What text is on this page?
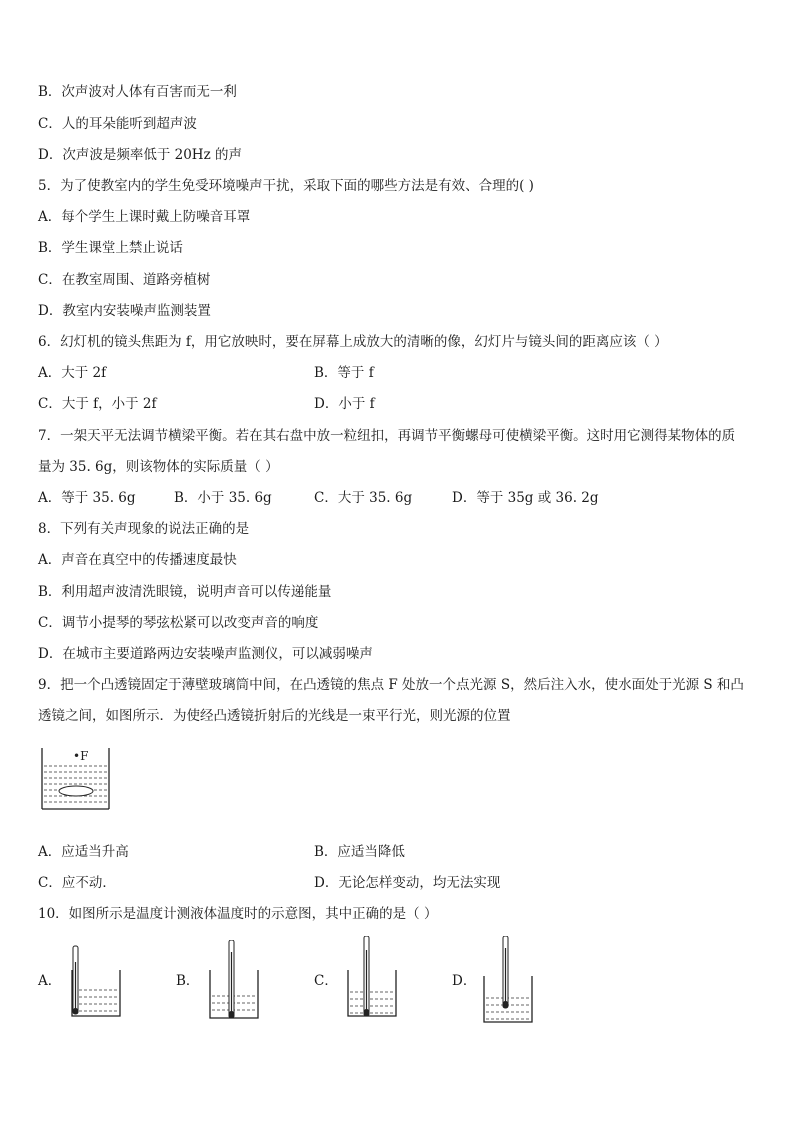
B．次声波对人体有百害而无一利
C．人的耳朵能听到超声波
D．次声波是频率低于 20Hz 的声
5．为了使教室内的学生免受环境噪声干扰，采取下面的哪些方法是有效、合理的( )
A．每个学生上课时戴上防噪音耳罩
B．学生课堂上禁止说话
C．在教室周围、道路旁植树
D．教室内安装噪声监测装置
6．幻灯机的镜头焦距为 f，用它放映时，要在屏幕上成放大的清晰的像，幻灯片与镜头间的距离应该（ ）
A．大于 2f	B．等于 f
C．大于 f，小于 2f	D．小于 f
7．一架天平无法调节横梁平衡。若在其右盘中放一粒纽扣，再调节平衡螺母可使横梁平衡。这时用它测得某物体的质
量为 35. 6g，则该物体的实际质量（ ）
A．等于 35. 6g	B．小于 35. 6g	C．大于 35. 6g	D．等于 35g 或 36. 2g
8．下列有关声现象的说法正确的是
A．声音在真空中的传播速度最快
B．利用超声波清洗眼镜，说明声音可以传递能量
C．调节小提琴的琴弦松紧可以改变声音的响度
D．在城市主要道路两边安装噪声监测仪，可以减弱噪声
9．把一个凸透镜固定于薄壁玻璃筒中间，在凸透镜的焦点 F 处放一个点光源 S，然后注入水，使水面处于光源 S 和凸
透镜之间，如图所示．为使经凸透镜折射后的光线是一束平行光，则光源的位置
•F
A．应适当升高	B．应适当降低
C．应不动．	D．无论怎样变动，均无法实现
10．如图所示是温度计测液体温度时的示意图，其中正确的是（ ）
A．	B．	C．	D．
